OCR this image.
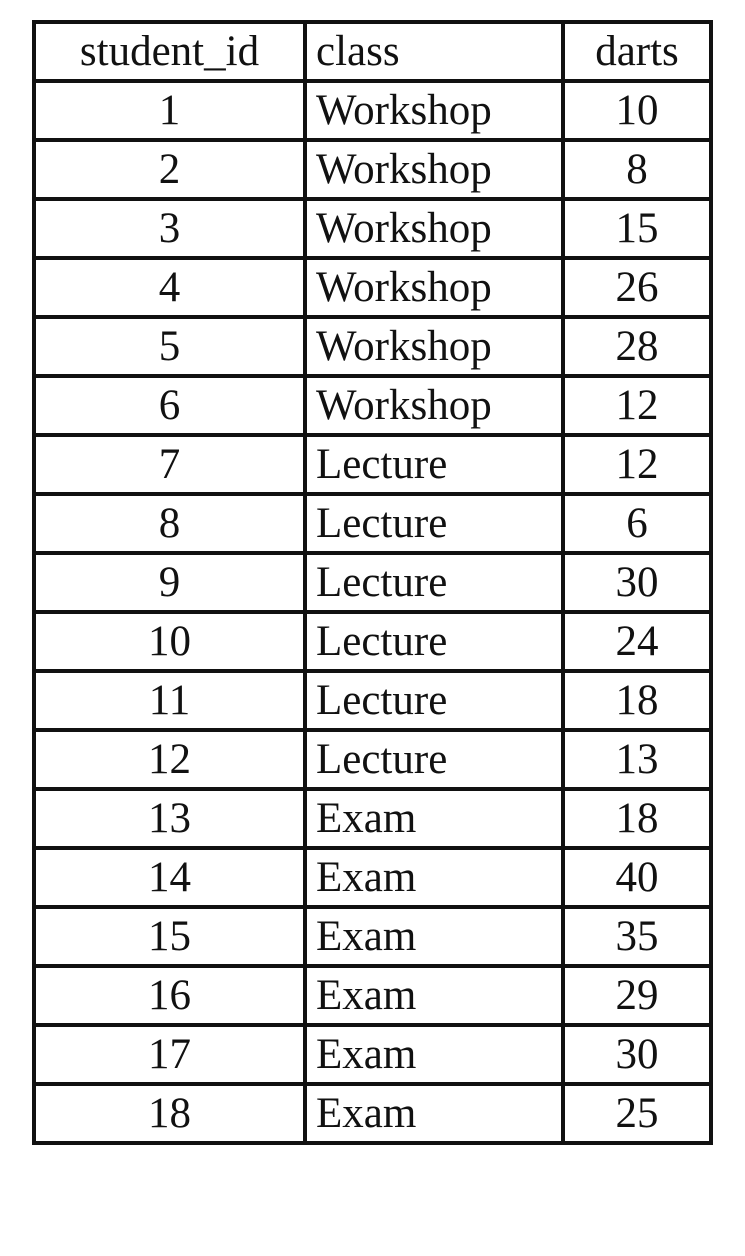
student_id	class	darts
1	Workshop	10
2	Workshop	8
3	Workshop	15
4	Workshop	26
5	Workshop	28
6	Workshop	12
7	Lecture	12
8	Lecture	6
9	Lecture	30
10	Lecture	24
11	Lecture	18
12	Lecture	13
13	Exam	18
14	Exam	40
15	Exam	35
16	Exam	29
17	Exam	30
18	Exam	25
